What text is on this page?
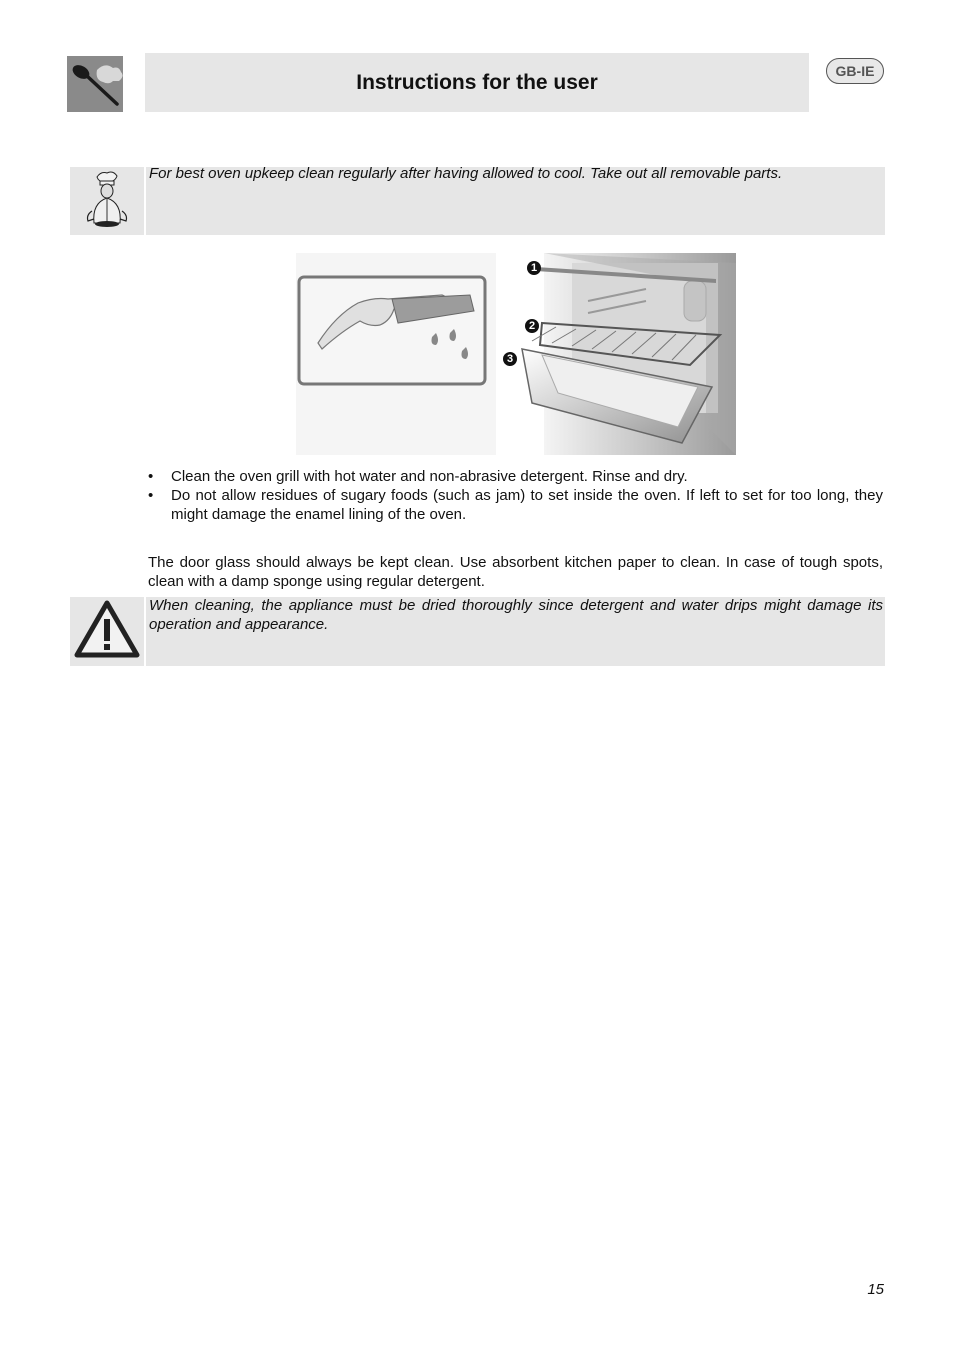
Instructions for the user	GB-IE
For best oven upkeep clean regularly after having allowed to cool. Take out all removable parts.
1
2
3
•	Clean the oven grill with hot water and non-abrasive detergent. Rinse and dry.
•	Do not allow residues of sugary foods (such as jam) to set inside the oven. If left to set for too long, they might damage the enamel lining of the oven.
The door glass should always be kept clean. Use absorbent kitchen paper to clean. In case of tough spots, clean with a damp sponge using regular detergent.
When cleaning, the appliance must be dried thoroughly since detergent and water drips might damage its operation and appearance.
15
